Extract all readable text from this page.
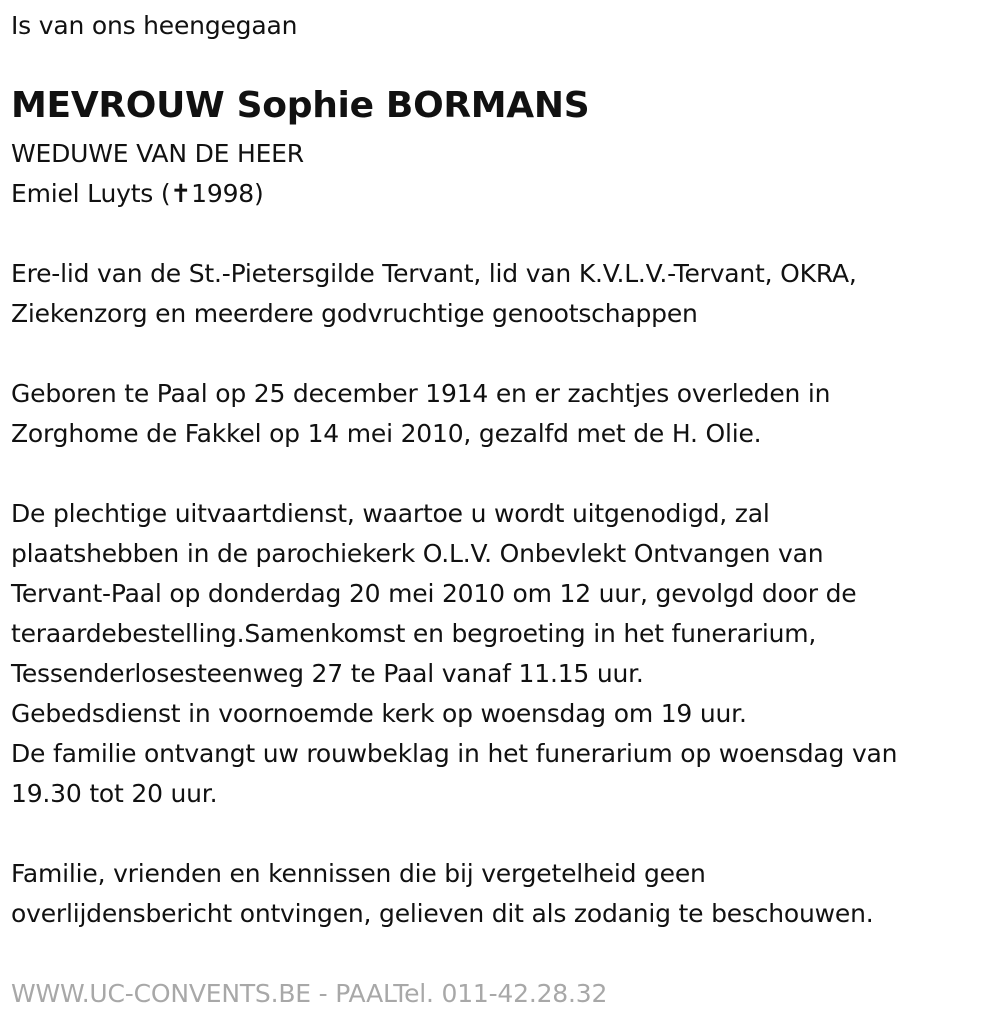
Is van ons heengegaan
MEVROUW Sophie BORMANS
WEDUWE VAN DE HEER
Emiel Luyts (✝1998)
Ere-lid van de St.-Pietersgilde Tervant, lid van K.V.L.V.-Tervant, OKRA,
Ziekenzorg en meerdere godvruchtige genootschappen
Geboren te Paal op 25 december 1914 en er zachtjes overleden in
Zorghome de Fakkel op 14 mei 2010, gezalfd met de H. Olie.
De plechtige uitvaartdienst, waartoe u wordt uitgenodigd, zal
plaatshebben in de parochiekerk O.L.V. Onbevlekt Ontvangen van
Tervant-Paal op donderdag 20 mei 2010 om 12 uur, gevolgd door de
teraardebestelling.Samenkomst en begroeting in het funerarium,
Tessenderlosesteenweg 27 te Paal vanaf 11.15 uur.
Gebedsdienst in voornoemde kerk op woensdag om 19 uur.
De familie ontvangt uw rouwbeklag in het funerarium op woensdag van
19.30 tot 20 uur.
Familie, vrienden en kennissen die bij vergetelheid geen
overlijdensbericht ontvingen, gelieven dit als zodanig te beschouwen.
WWW.UC-CONVENTS.BE - PAALTel. 011-42.28.32
